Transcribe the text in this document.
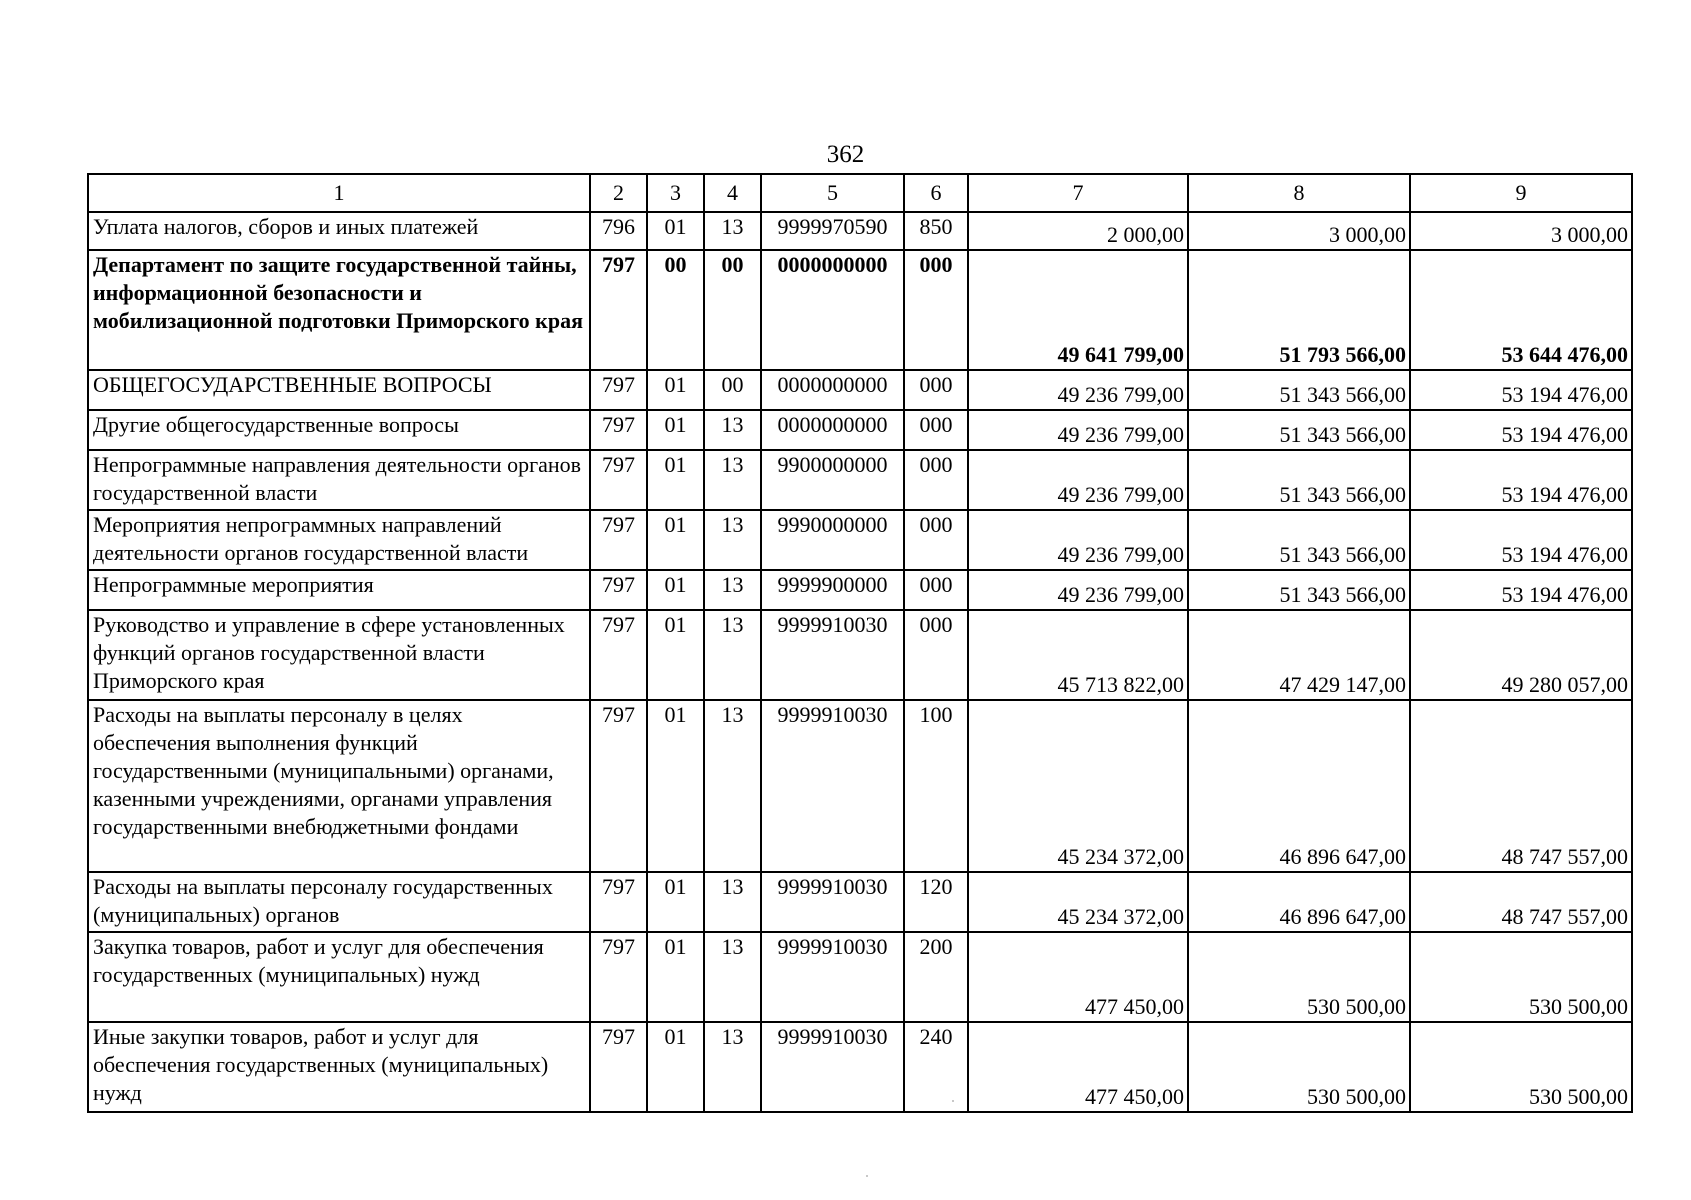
362
1	2	3	4	5	6	7	8	9
Уплата налогов, сборов и иных платежей	796	01	13	9999970590	850	2 000,00	3 000,00	3 000,00
Департамент по защите государственной тайны, информационной безопасности и мобилизационной подготовки Приморского края	797	00	00	0000000000	000	49 641 799,00	51 793 566,00	53 644 476,00
ОБЩЕГОСУДАРСТВЕННЫЕ ВОПРОСЫ	797	01	00	0000000000	000	49 236 799,00	51 343 566,00	53 194 476,00
Другие общегосударственные вопросы	797	01	13	0000000000	000	49 236 799,00	51 343 566,00	53 194 476,00
Непрограммные направления деятельности органов государственной власти	797	01	13	9900000000	000	49 236 799,00	51 343 566,00	53 194 476,00
Мероприятия непрограммных направлений деятельности органов государственной власти	797	01	13	9990000000	000	49 236 799,00	51 343 566,00	53 194 476,00
Непрограммные мероприятия	797	01	13	9999900000	000	49 236 799,00	51 343 566,00	53 194 476,00
Руководство и управление в сфере установленных функций органов государственной власти Приморского края	797	01	13	9999910030	000	45 713 822,00	47 429 147,00	49 280 057,00
Расходы на выплаты персоналу в целях обеспечения выполнения функций государственными (муниципальными) органами, казенными учреждениями, органами управления государственными внебюджетными фондами	797	01	13	9999910030	100	45 234 372,00	46 896 647,00	48 747 557,00
Расходы на выплаты персоналу государственных (муниципальных) органов	797	01	13	9999910030	120	45 234 372,00	46 896 647,00	48 747 557,00
Закупка товаров, работ и услуг для обеспечения государственных (муниципальных) нужд	797	01	13	9999910030	200	477 450,00	530 500,00	530 500,00
Иные закупки товаров, работ и услуг для обеспечения государственных (муниципальных) нужд	797	01	13	9999910030	240	477 450,00	530 500,00	530 500,00
